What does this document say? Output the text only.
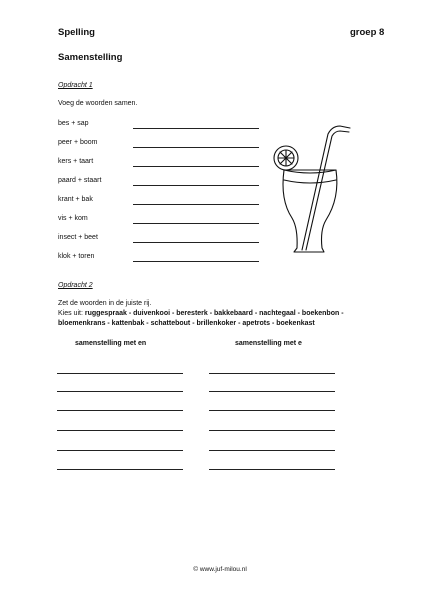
Spelling	groep 8
Samenstelling
Opdracht 1
Voeg de woorden samen.
bes + sap
peer + boom
kers + taart
paard + staart
krant + bak
vis + kom
insect + beet
klok + toren
Opdracht 2
Zet de woorden in de juiste rij.
Kies uit: ruggespraak - duivenkooi - beresterk - bakkebaard - nachtegaal - boekenbon -
bloemenkrans - kattenbak - schattebout - brillenkoker - apetrots - boekenkast
samenstelling met en	samenstelling met e
© www.juf-milou.nl
